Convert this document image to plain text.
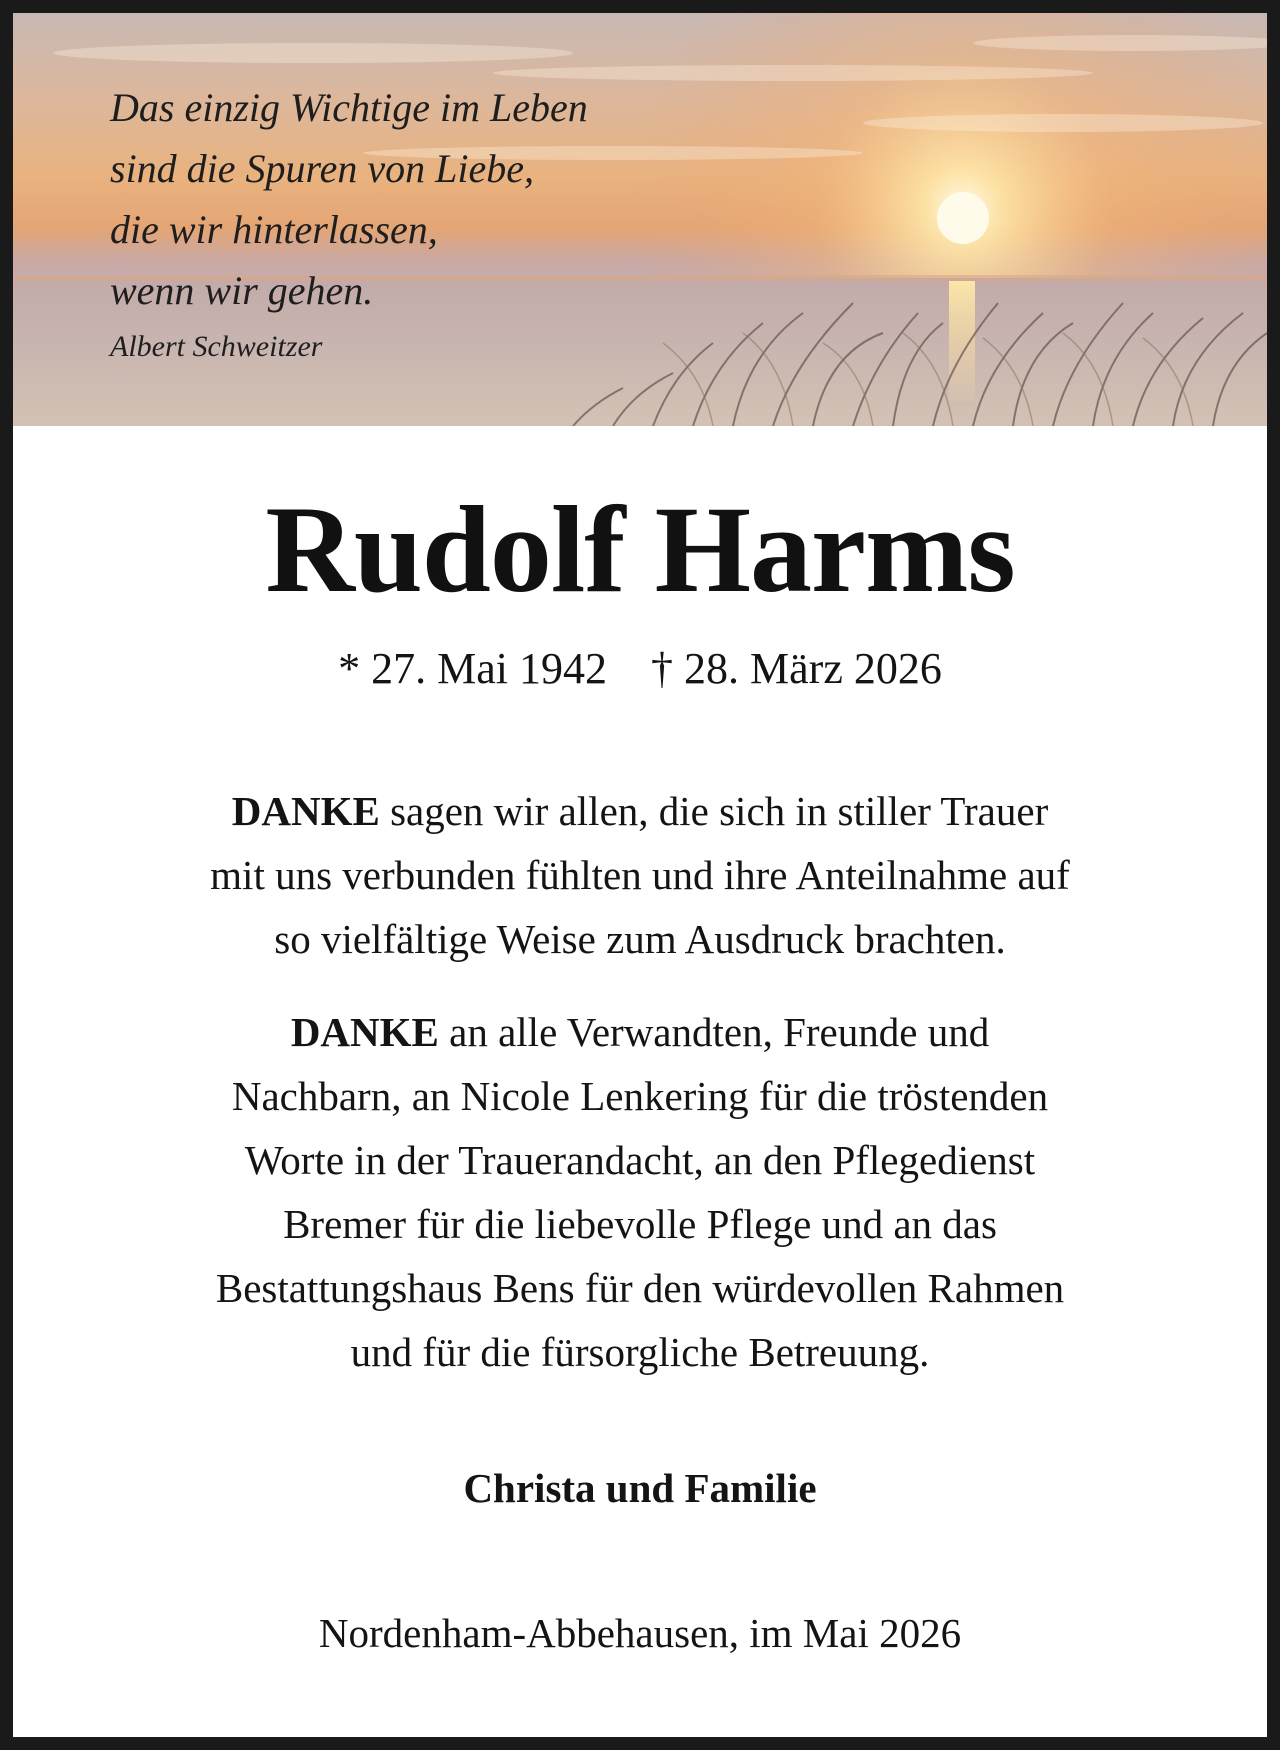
Das einzig Wichtige im Leben
sind die Spuren von Liebe,
die wir hinterlassen,
wenn wir gehen.
Albert Schweitzer
Rudolf Harms
* 27. Mai 1942 † 28. März 2026
DANKE sagen wir allen, die sich in stiller Trauer
mit uns verbunden fühlten und ihre Anteilnahme auf
so vielfältige Weise zum Ausdruck brachten.
DANKE an alle Verwandten, Freunde und
Nachbarn, an Nicole Lenkering für die tröstenden
Worte in der Trauerandacht, an den Pflegedienst
Bremer für die liebevolle Pflege und an das
Bestattungshaus Bens für den würdevollen Rahmen
und für die fürsorgliche Betreuung.
Christa und Familie
Nordenham-Abbehausen, im Mai 2026
